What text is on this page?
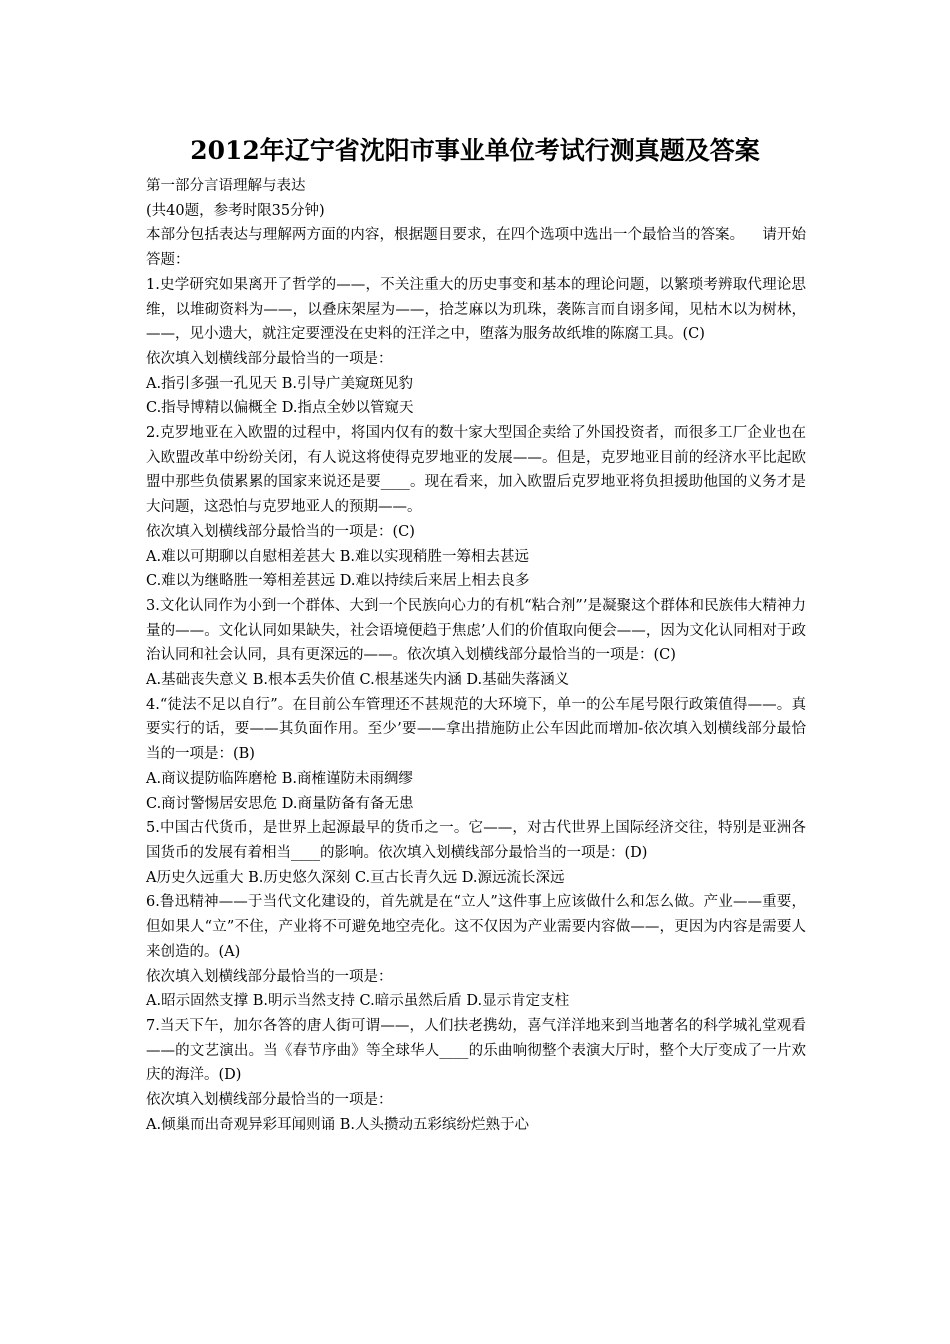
2012年辽宁省沈阳市事业单位考试行测真题及答案

第一部分言语理解与表达

(共40题，参考时限35分钟)

本部分包括表达与理解两方面的内容，根据题目要求，在四个选项中选出一个最恰当的答案。 请开始答题：

1.史学研究如果离开了哲学的——，不关注重大的历史事变和基本的理论问题，以繁琐考辨取代理论思维，以堆砌资料为——，以叠床架屋为——，拾芝麻以为玑珠，袭陈言而自诩多闻，见枯木以为树林，——，见小遗大，就注定要湮没在史料的汪洋之中，堕落为服务故纸堆的陈腐工具。(C)

依次填入划横线部分最恰当的一项是：

A.指引多强一孔见天 B.引导广美窥斑见豹

C.指导博精以偏概全 D.指点全妙以管窥天

2.克罗地亚在入欧盟的过程中，将国内仅有的数十家大型国企卖给了外国投资者，而很多工厂企业也在入欧盟改革中纷纷关闭，有人说这将使得克罗地亚的发展——。但是，克罗地亚目前的经济水平比起欧盟中那些负债累累的国家来说还是要____。现在看来，加入欧盟后克罗地亚将负担援助他国的义务才是大问题，这恐怕与克罗地亚人的预期——。

依次填入划横线部分最恰当的一项是：(C)

A.难以可期聊以自慰相差甚大 B.难以实现稍胜一筹相去甚远

C.难以为继略胜一筹相差甚远 D.难以持续后来居上相去良多

3.文化认同作为小到一个群体、大到一个民族向心力的有机“粘合剂”’是凝聚这个群体和民族伟大精神力量的——。文化认同如果缺失，社会语境便趋于焦虑’人们的价值取向便会——，因为文化认同相对于政治认同和社会认同，具有更深远的——。依次填入划横线部分最恰当的一项是：(C)

A.基础丧失意义 B.根本丢失价值 C.根基迷失内涵 D.基础失落涵义

4.“徒法不足以自行”。在目前公车管理还不甚规范的大环境下，单一的公车尾号限行政策值得——。真要实行的话，要——其负面作用。至少’要——拿出措施防止公车因此而增加-依次填入划横线部分最恰当的一项是：(B)

A.商议提防临阵磨枪 B.商榷谨防未雨绸缪

C.商讨警惕居安思危 D.商量防备有备无患

5.中国古代货币，是世界上起源最早的货币之一。它——，对古代世界上国际经济交往，特别是亚洲各国货币的发展有着相当____的影响。依次填入划横线部分最恰当的一项是：(D)

A历史久远重大 B.历史悠久深刻 C.亘古长青久远 D.源远流长深远

6.鲁迅精神——于当代文化建设的，首先就是在“立人”这件事上应该做什么和怎么做。产业——重要，但如果人“立”不住，产业将不可避免地空壳化。这不仅因为产业需要内容做——，更因为内容是需要人来创造的。(A)

依次填入划横线部分最恰当的一项是：

A.昭示固然支撑 B.明示当然支持 C.暗示虽然后盾 D.显示肯定支柱

7.当天下午，加尔各答的唐人街可谓——，人们扶老携幼，喜气洋洋地来到当地著名的科学城礼堂观看——的文艺演出。当《春节序曲》等全球华人____的乐曲响彻整个表演大厅时，整个大厅变成了一片欢庆的海洋。(D)

依次填入划横线部分最恰当的一项是：

A.倾巢而出奇观异彩耳闻则诵 B.人头攒动五彩缤纷烂熟于心
